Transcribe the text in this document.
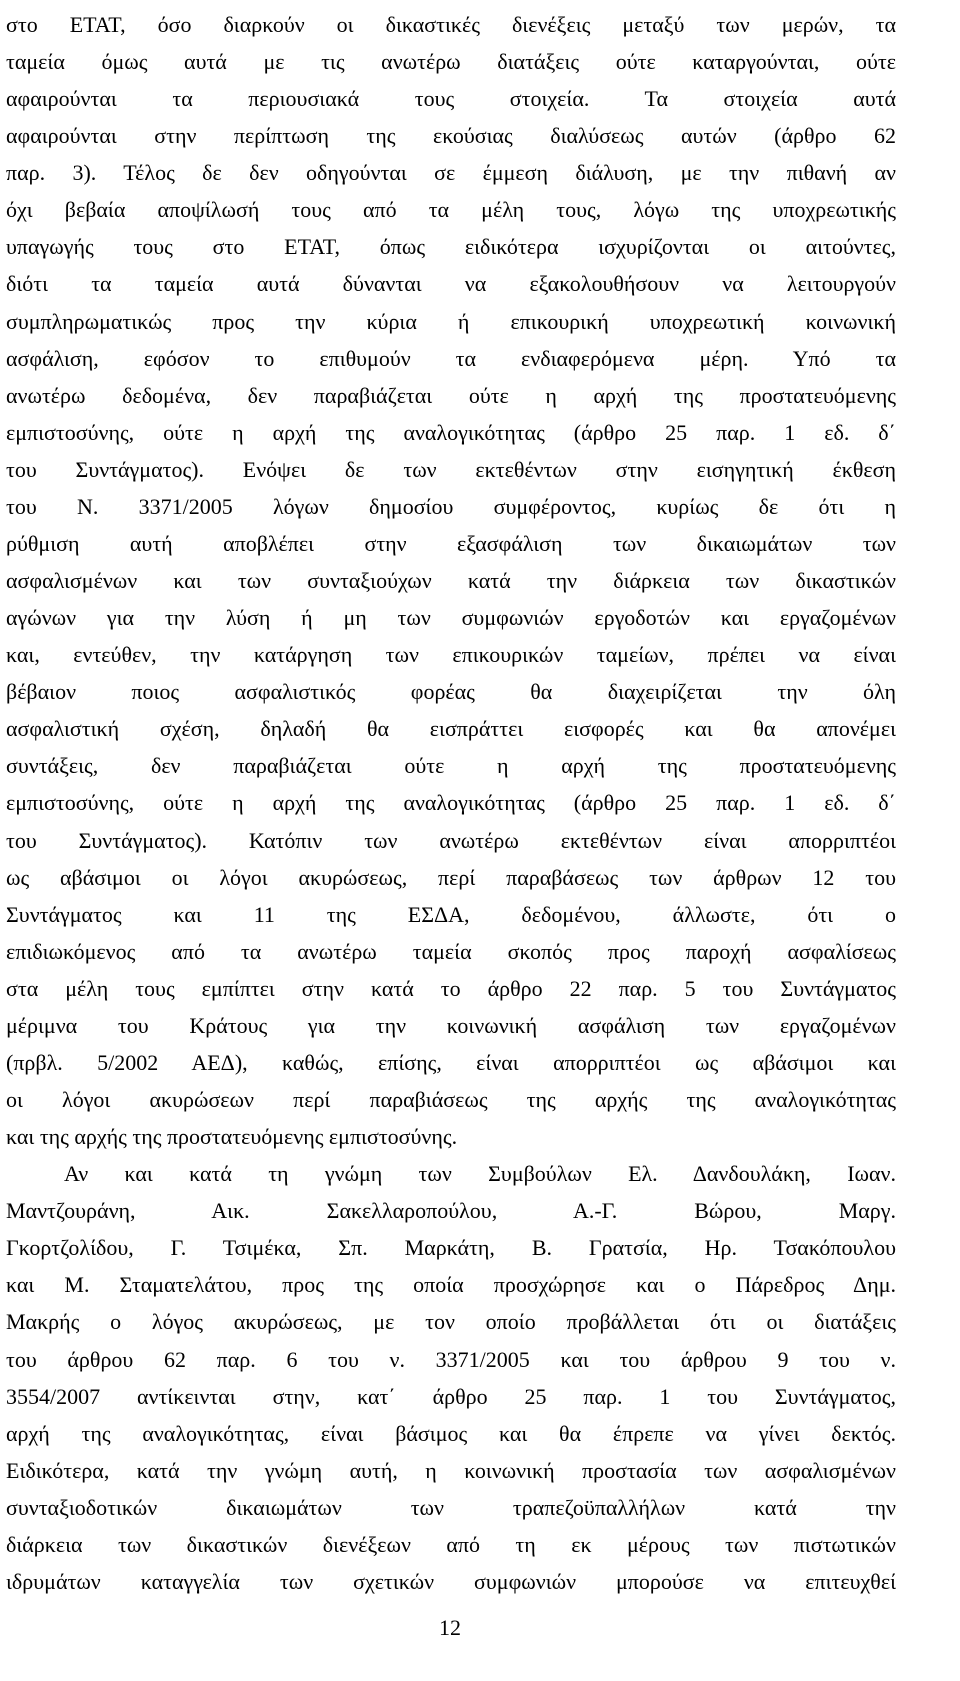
στο ΕΤΑΤ, όσο διαρκούν οι δικαστικές διενέξεις μεταξύ των μερών, τα
ταμεία όμως αυτά με τις ανωτέρω διατάξεις ούτε καταργούνται, ούτε
αφαιρούνται τα περιουσιακά τους στοιχεία. Τα στοιχεία αυτά
αφαιρούνται στην περίπτωση της εκούσιας διαλύσεως αυτών (άρθρο 62
παρ. 3). Τέλος δε δεν οδηγούνται σε έμμεση διάλυση, με την πιθανή αν
όχι βεβαία αποψίλωσή τους από τα μέλη τους, λόγω της υποχρεωτικής
υπαγωγής τους στο ΕΤΑΤ, όπως ειδικότερα ισχυρίζονται οι αιτούντες,
διότι τα ταμεία αυτά δύνανται να εξακολουθήσουν να λειτουργούν
συμπληρωματικώς προς την κύρια ή επικουρική υποχρεωτική κοινωνική
ασφάλιση, εφόσον το επιθυμούν τα ενδιαφερόμενα μέρη. Υπό τα
ανωτέρω δεδομένα, δεν παραβιάζεται ούτε η αρχή της προστατευόμενης
εμπιστοσύνης, ούτε η αρχή της αναλογικότητας (άρθρο 25 παρ. 1 εδ. δ΄
του Συντάγματος). Ενόψει δε των εκτεθέντων στην εισηγητική έκθεση
του Ν. 3371/2005 λόγων δημοσίου συμφέροντος, κυρίως δε ότι η
ρύθμιση αυτή αποβλέπει στην εξασφάλιση των δικαιωμάτων των
ασφαλισμένων και των συνταξιούχων κατά την διάρκεια των δικαστικών
αγώνων για την λύση ή μη των συμφωνιών εργοδοτών και εργαζομένων
και, εντεύθεν, την κατάργηση των επικουρικών ταμείων, πρέπει να είναι
βέβαιον ποιος ασφαλιστικός φορέας θα διαχειρίζεται την όλη
ασφαλιστική σχέση, δηλαδή θα εισπράττει εισφορές και θα απονέμει
συντάξεις, δεν παραβιάζεται ούτε η αρχή της προστατευόμενης
εμπιστοσύνης, ούτε η αρχή της αναλογικότητας (άρθρο 25 παρ. 1 εδ. δ΄
του Συντάγματος). Κατόπιν των ανωτέρω εκτεθέντων είναι απορριπτέοι
ως αβάσιμοι οι λόγοι ακυρώσεως, περί παραβάσεως των άρθρων 12 του
Συντάγματος και 11 της ΕΣΔΑ, δεδομένου, άλλωστε, ότι ο
επιδιωκόμενος από τα ανωτέρω ταμεία σκοπός προς παροχή ασφαλίσεως
στα μέλη τους εμπίπτει στην κατά το άρθρο 22 παρ. 5 του Συντάγματος
μέριμνα του Κράτους για την κοινωνική ασφάλιση των εργαζομένων
(πρβλ. 5/2002 ΑΕΔ), καθώς, επίσης, είναι απορριπτέοι ως αβάσιμοι και
οι λόγοι ακυρώσεων περί παραβιάσεως της αρχής της αναλογικότητας
και της αρχής της προστατευόμενης εμπιστοσύνης.
Αν και κατά τη γνώμη των Συμβούλων Ελ. Δανδουλάκη, Ιωαν.
Μαντζουράνη, Αικ. Σακελλαροπούλου, Α.-Γ. Βώρου, Μαργ.
Γκορτζολίδου, Γ. Τσιμέκα, Σπ. Μαρκάτη, Β. Γρατσία, Ηρ. Τσακόπουλου
και Μ. Σταματελάτου, προς της οποία προσχώρησε και ο Πάρεδρος Δημ.
Μακρής ο λόγος ακυρώσεως, με τον οποίο προβάλλεται ότι οι διατάξεις
του άρθρου 62 παρ. 6 του ν. 3371/2005 και του άρθρου 9 του ν.
3554/2007 αντίκεινται στην, κατ΄ άρθρο 25 παρ. 1 του Συντάγματος,
αρχή της αναλογικότητας, είναι βάσιμος και θα έπρεπε να γίνει δεκτός.
Ειδικότερα, κατά την γνώμη αυτή, η κοινωνική προστασία των ασφαλισμένων
συνταξιοδοτικών δικαιωμάτων των τραπεζοϋπαλλήλων κατά την
διάρκεια των δικαστικών διενέξεων από τη εκ μέρους των πιστωτικών
ιδρυμάτων καταγγελία των σχετικών συμφωνιών μπορούσε να επιτευχθεί
12
